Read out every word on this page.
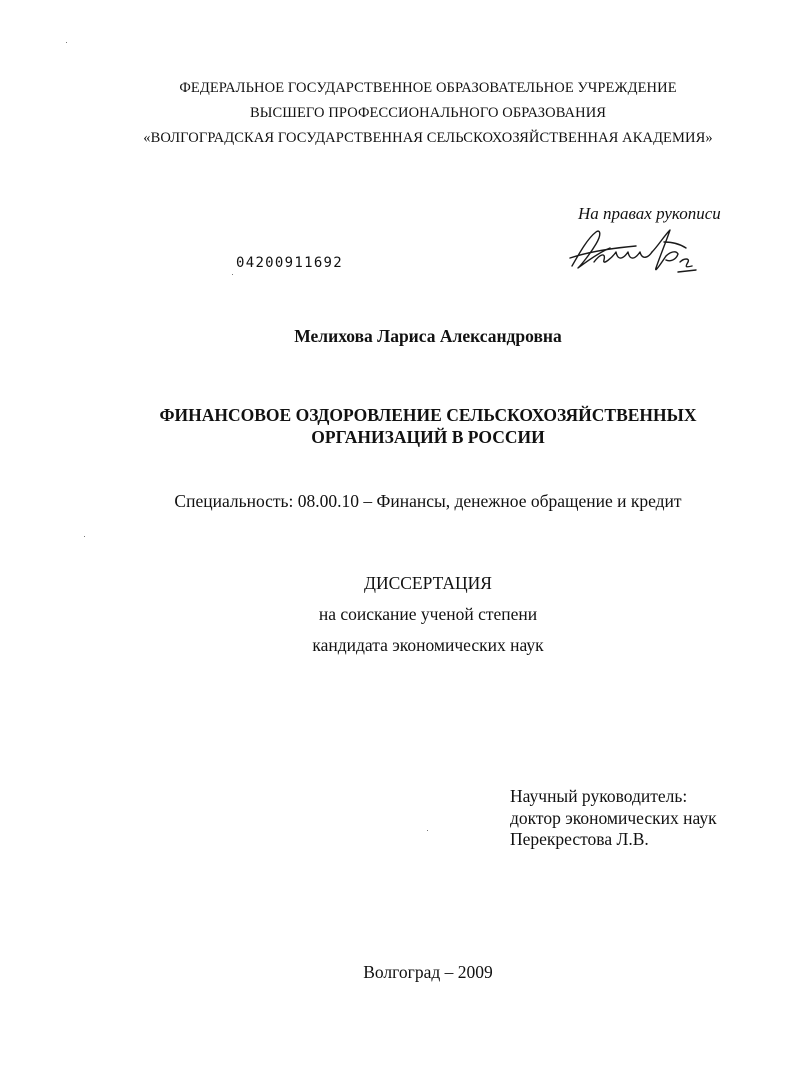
ФЕДЕРАЛЬНОЕ ГОСУДАРСТВЕННОЕ ОБРАЗОВАТЕЛЬНОЕ УЧРЕЖДЕНИЕ
ВЫСШЕГО ПРОФЕССИОНАЛЬНОГО ОБРАЗОВАНИЯ
«ВОЛГОГРАДСКАЯ ГОСУДАРСТВЕННАЯ СЕЛЬСКОХОЗЯЙСТВЕННАЯ АКАДЕМИЯ»
На правах рукописи
04200911692
Мелихова Лариса Александровна
ФИНАНСОВОЕ ОЗДОРОВЛЕНИЕ СЕЛЬСКОХОЗЯЙСТВЕННЫХ
ОРГАНИЗАЦИЙ В РОССИИ
Специальность: 08.00.10 – Финансы, денежное обращение и кредит
ДИССЕРТАЦИЯ
на соискание ученой степени
кандидата экономических наук
Научный руководитель:
доктор экономических наук
Перекрестова Л.В.
Волгоград – 2009
